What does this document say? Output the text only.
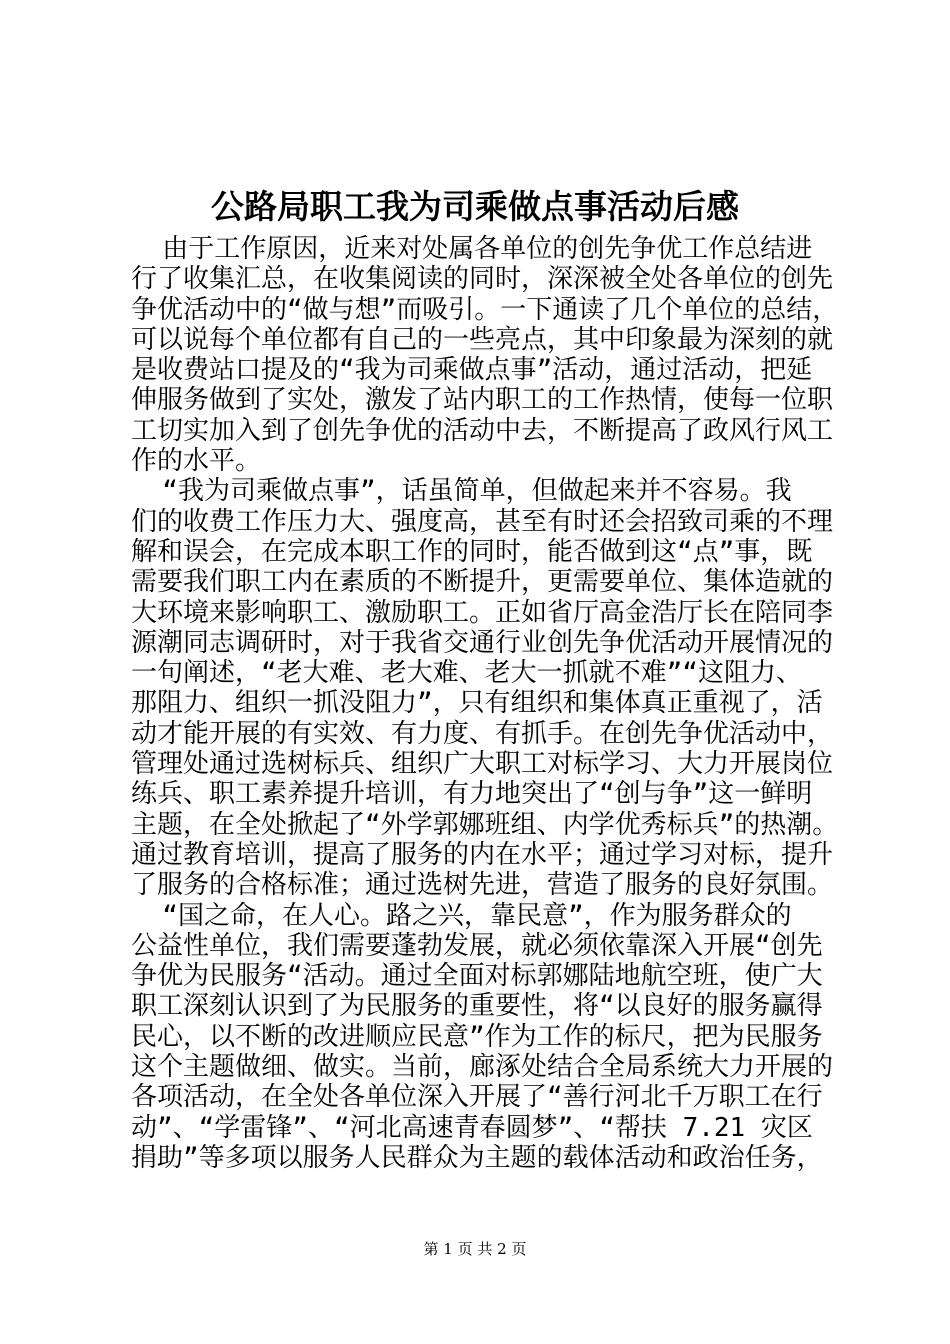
公路局职工我为司乘做点事活动后感
由于工作原因，近来对处属各单位的创先争优工作总结进
行了收集汇总，在收集阅读的同时，深深被全处各单位的创先
争优活动中的“做与想”而吸引。一下通读了几个单位的总结，
可以说每个单位都有自己的一些亮点，其中印象最为深刻的就
是收费站口提及的“我为司乘做点事”活动，通过活动，把延
伸服务做到了实处，激发了站内职工的工作热情，使每一位职
工切实加入到了创先争优的活动中去，不断提高了政风行风工
作的水平。
“我为司乘做点事”，话虽简单，但做起来并不容易。我
们的收费工作压力大、强度高，甚至有时还会招致司乘的不理
解和误会，在完成本职工作的同时，能否做到这“点”事，既
需要我们职工内在素质的不断提升，更需要单位、集体造就的
大环境来影响职工、激励职工。正如省厅高金浩厅长在陪同李
源潮同志调研时，对于我省交通行业创先争优活动开展情况的
一句阐述，“老大难、老大难、老大一抓就不难”“这阻力、
那阻力、组织一抓没阻力”，只有组织和集体真正重视了，活
动才能开展的有实效、有力度、有抓手。在创先争优活动中，
管理处通过选树标兵、组织广大职工对标学习、大力开展岗位
练兵、职工素养提升培训，有力地突出了“创与争”这一鲜明
主题，在全处掀起了“外学郭娜班组、内学优秀标兵”的热潮。
通过教育培训，提高了服务的内在水平；通过学习对标，提升
了服务的合格标准；通过选树先进，营造了服务的良好氛围。
“国之命，在人心。路之兴，靠民意”，作为服务群众的
公益性单位，我们需要蓬勃发展，就必须依靠深入开展“创先
争优为民服务“活动。通过全面对标郭娜陆地航空班，使广大
职工深刻认识到了为民服务的重要性，将“以良好的服务赢得
民心，以不断的改进顺应民意”作为工作的标尺，把为民服务
这个主题做细、做实。当前，廊涿处结合全局系统大力开展的
各项活动，在全处各单位深入开展了“善行河北千万职工在行
动”、“学雷锋”、“河北高速青春圆梦”、“帮扶 7.21 灾区
捐助”等多项以服务人民群众为主题的载体活动和政治任务，
第 1 页 共 2 页
